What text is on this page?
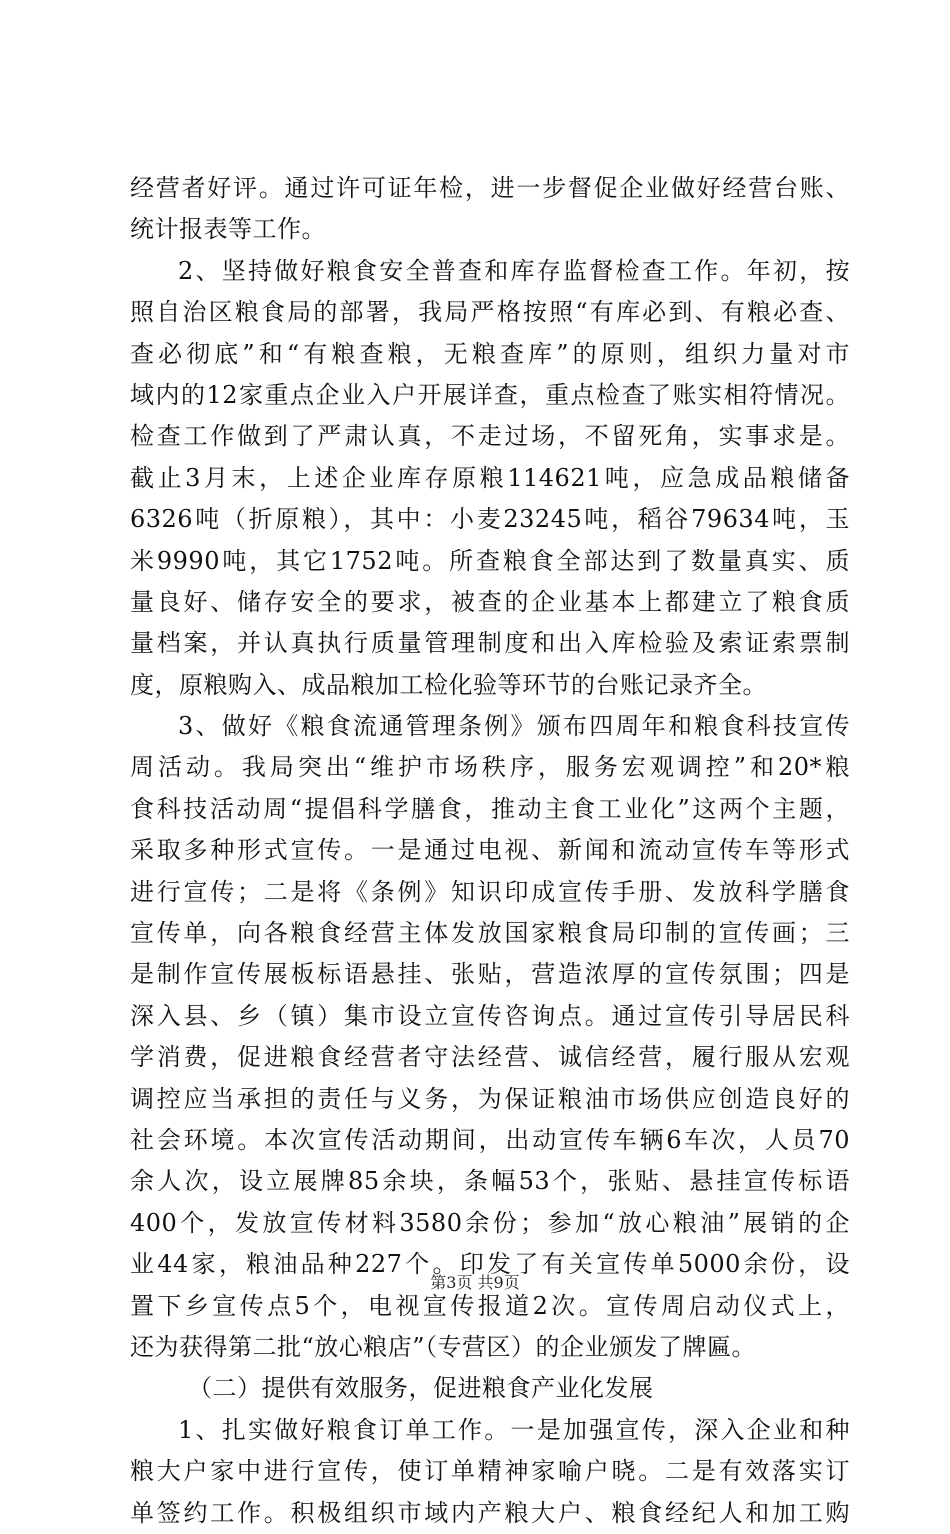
经营者好评。通过许可证年检，进一步督促企业做好经营台账、
统计报表等工作。
2、坚持做好粮食安全普查和库存监督检查工作。年初，按
照自治区粮食局的部署，我局严格按照“有库必到、有粮必查、
查必彻底”和“有粮查粮，无粮查库”的原则，组织力量对市
域内的12家重点企业入户开展详查，重点检查了账实相符情况。
检查工作做到了严肃认真，不走过场，不留死角，实事求是。
截止3月末，上述企业库存原粮114621吨，应急成品粮储备
6326吨（折原粮），其中：小麦23245吨，稻谷79634吨，玉
米9990吨，其它1752吨。所查粮食全部达到了数量真实、质
量良好、储存安全的要求，被查的企业基本上都建立了粮食质
量档案，并认真执行质量管理制度和出入库检验及索证索票制
度，原粮购入、成品粮加工检化验等环节的台账记录齐全。
3、做好《粮食流通管理条例》颁布四周年和粮食科技宣传
周活动。我局突出“维护市场秩序，服务宏观调控”和20*粮
食科技活动周“提倡科学膳食，推动主食工业化”这两个主题，
采取多种形式宣传。一是通过电视、新闻和流动宣传车等形式
进行宣传；二是将《条例》知识印成宣传手册、发放科学膳食
宣传单，向各粮食经营主体发放国家粮食局印制的宣传画；三
是制作宣传展板标语悬挂、张贴，营造浓厚的宣传氛围；四是
深入县、乡（镇）集市设立宣传咨询点。通过宣传引导居民科
学消费，促进粮食经营者守法经营、诚信经营，履行服从宏观
调控应当承担的责任与义务，为保证粮油市场供应创造良好的
社会环境。本次宣传活动期间，出动宣传车辆6车次，人员70
余人次，设立展牌85余块，条幅53个，张贴、悬挂宣传标语
400个，发放宣传材料3580余份；参加“放心粮油”展销的企
业44家，粮油品种227个。印发了有关宣传单5000余份，设
置下乡宣传点5个，电视宣传报道2次。宣传周启动仪式上，
还为获得第二批“放心粮店”（专营区）的企业颁发了牌匾。
（二）提供有效服务，促进粮食产业化发展
1、扎实做好粮食订单工作。一是加强宣传，深入企业和种
粮大户家中进行宣传，使订单精神家喻户晓。二是有效落实订
单签约工作。积极组织市域内产粮大户、粮食经纪人和加工购
第3页 共9页
